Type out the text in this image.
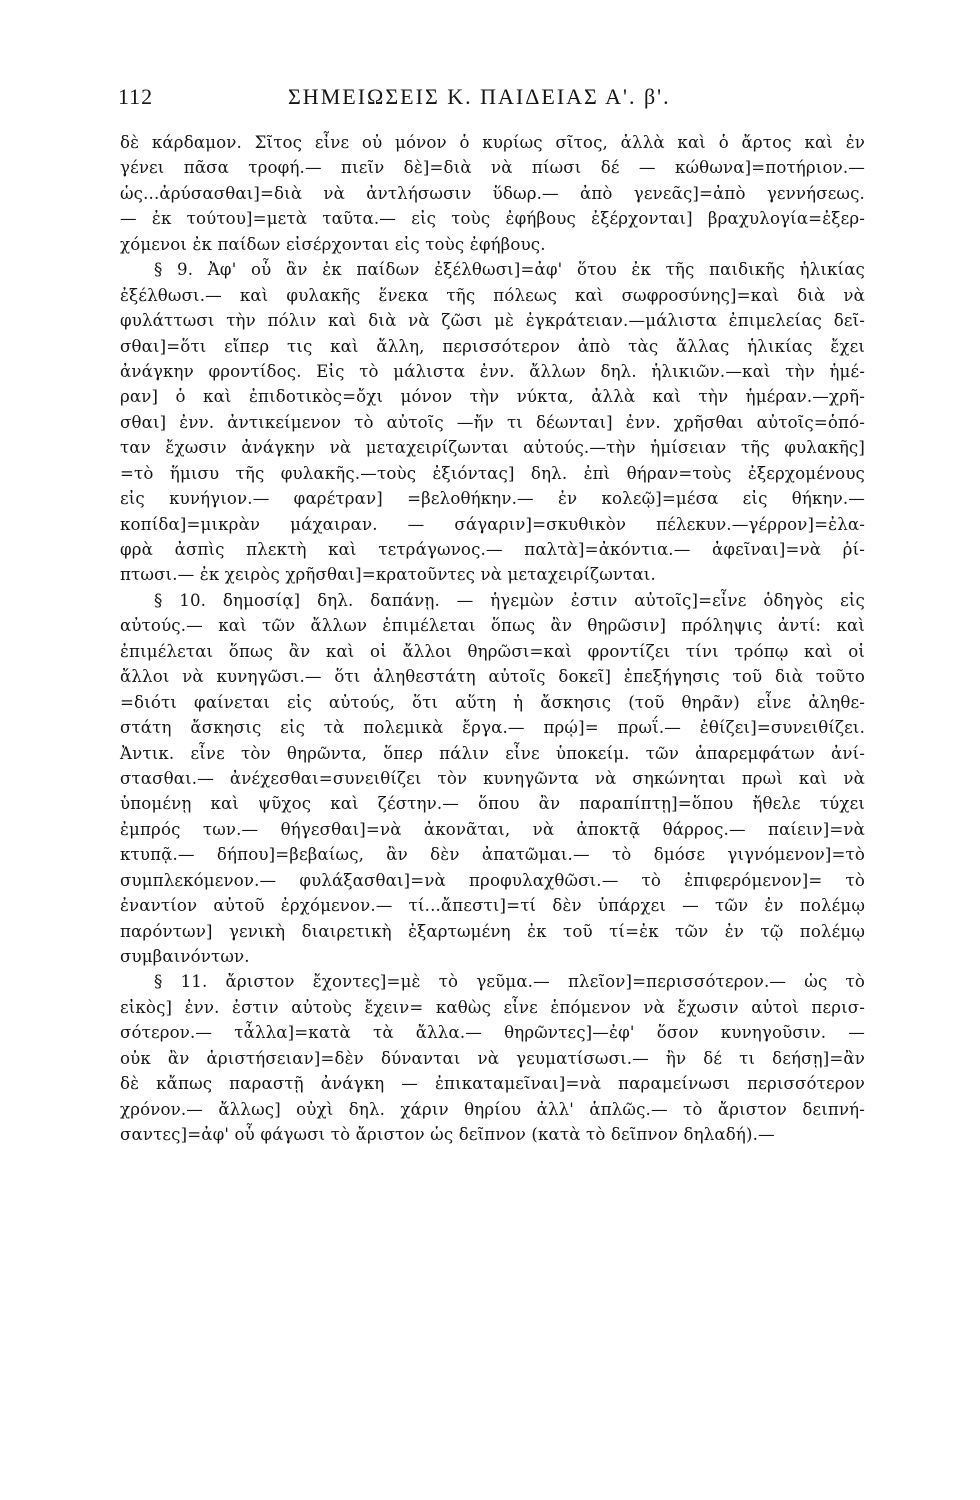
112	ΣΗΜΕΙΩΣΕΙΣ Κ. ΠΑΙΔΕΙΑΣ Α'. β'.
δὲ κάρδαμον. Σῖτος εἶνε οὐ μόνον ὁ κυρίως σῖτος, ἀλλὰ καὶ ὁ ἄρτος καὶ ἐν
γένει πᾶσα τροφή.— πιεῖν δὲ]=διὰ νὰ πίωσι δέ — κώθωνα]=ποτήριον.—
ὡς...ἀρύσασθαι]=διὰ νὰ ἀντλήσωσιν ὕδωρ.— ἀπὸ γενεᾶς]=ἀπὸ γεννήσεως.
— ἐκ τούτου]=μετὰ ταῦτα.— εἰς τοὺς ἐφήβους ἐξέρχονται] βραχυλογία=ἐξερ-
χόμενοι ἐκ παίδων εἰσέρχονται εἰς τοὺς ἐφήβους.
§ 9. Ἀφ' οὗ ἂν ἐκ παίδων ἐξέλθωσι]=ἀφ' ὅτου ἐκ τῆς παιδικῆς ἡλικίας
ἐξέλθωσι.— καὶ φυλακῆς ἕνεκα τῆς πόλεως καὶ σωφροσύνης]=καὶ διὰ νὰ
φυλάττωσι τὴν πόλιν καὶ διὰ νὰ ζῶσι μὲ ἐγκράτειαν.—μάλιστα ἐπιμελείας δεῖ-
σθαι]=ὅτι εἴπερ τις καὶ ἄλλη, περισσότερον ἀπὸ τὰς ἄλλας ἡλικίας ἔχει
ἀνάγκην φροντίδος. Εἰς τὸ μάλιστα ἐνν. ἄλλων δηλ. ἡλικιῶν.—καὶ τὴν ἡμέ-
ραν] ὁ καὶ ἐπιδοτικὸς=ὄχι μόνον τὴν νύκτα, ἀλλὰ καὶ τὴν ἡμέραν.—χρῆ-
σθαι] ἐνν. ἀντικείμενον τὸ αὐτοῖς —ἤν τι δέωνται] ἐνν. χρῆσθαι αὐτοῖς=ὁπό-
ταν ἔχωσιν ἀνάγκην νὰ μεταχειρίζωνται αὐτούς.—τὴν ἡμίσειαν τῆς φυλακῆς]
=τὸ ἥμισυ τῆς φυλακῆς.—τοὺς ἐξιόντας] δηλ. ἐπὶ θήραν=τοὺς ἐξερχομένους
εἰς κυνήγιον.— φαρέτραν] =βελοθήκην.— ἐν κολεῷ]=μέσα εἰς θήκην.—
κοπίδα]=μικρὰν μάχαιραν. — σάγαριν]=σκυθικὸν πέλεκυν.—γέρρον]=ἐλα-
φρὰ ἀσπὶς πλεκτὴ καὶ τετράγωνος.— παλτὰ]=ἀκόντια.— ἀφεῖναι]=νὰ ῥί-
πτωσι.— ἐκ χειρὸς χρῆσθαι]=κρατοῦντες νὰ μεταχειρίζωνται.
§ 10. δημοσίᾳ] δηλ. δαπάνῃ. — ἡγεμὼν ἐστιν αὐτοῖς]=εἶνε ὁδηγὸς εἰς
αὐτούς.— καὶ τῶν ἄλλων ἐπιμέλεται ὅπως ἂν θηρῶσιν] πρόληψις ἀντί: καὶ
ἐπιμέλεται ὅπως ἂν καὶ οἱ ἄλλοι θηρῶσι=καὶ φροντίζει τίνι τρόπῳ καὶ οἱ
ἄλλοι νὰ κυνηγῶσι.— ὅτι ἀληθεστάτη αὐτοῖς δοκεῖ] ἐπεξήγησις τοῦ διὰ τοῦτο
=διότι φαίνεται εἰς αὐτούς, ὅτι αὕτη ἡ ἄσκησις (τοῦ θηρᾶν) εἶνε ἀληθε-
στάτη ἄσκησις εἰς τὰ πολεμικὰ ἔργα.— πρῴ]= πρωΐ.— ἐθίζει]=συνειθίζει.
Ἀντικ. εἶνε τὸν θηρῶντα, ὅπερ πάλιν εἶνε ὑποκείμ. τῶν ἀπαρεμφάτων ἀνί-
στασθαι.— ἀνέχεσθαι=συνειθίζει τὸν κυνηγῶντα νὰ σηκώνηται πρωὶ καὶ νὰ
ὑπομένῃ καὶ ψῦχος καὶ ζέστην.— ὅπου ἂν παραπίπτῃ]=ὅπου ἤθελε τύχει
ἐμπρός των.— θήγεσθαι]=νὰ ἀκονᾶται, νὰ ἀποκτᾷ θάρρος.— παίειν]=νὰ
κτυπᾷ.— δήπου]=βεβαίως, ἂν δὲν ἀπατῶμαι.— τὸ δμόσε γιγνόμενον]=τὸ
συμπλεκόμενον.— φυλάξασθαι]=νὰ προφυλαχθῶσι.— τὸ ἐπιφερόμενον]= τὸ
ἐναντίον αὐτοῦ ἐρχόμενον.— τί...ἄπεστι]=τί δὲν ὑπάρχει — τῶν ἐν πολέμῳ
παρόντων] γενικὴ διαιρετικὴ ἐξαρτωμένη ἐκ τοῦ τί=ἐκ τῶν ἐν τῷ πολέμῳ
συμβαινόντων.
§ 11. ἄριστον ἔχοντες]=μὲ τὸ γεῦμα.— πλεῖον]=περισσότερον.— ὡς τὸ
εἰκὸς] ἐνν. ἐστιν αὐτοὺς ἔχειν= καθὼς εἶνε ἑπόμενον νὰ ἔχωσιν αὐτοὶ περισ-
σότερον.— τἆλλα]=κατὰ τὰ ἄλλα.— θηρῶντες]—ἐφ' ὅσον κυνηγοῦσιν. —
οὐκ ἂν ἀριστήσειαν]=δὲν δύνανται νὰ γευματίσωσι.— ἢν δέ τι δεήσῃ]=ἂν
δὲ κἄπως παραστῇ ἀνάγκη — ἐπικαταμεῖναι]=νὰ παραμείνωσι περισσότερον
χρόνον.— ἄλλως] οὐχὶ δηλ. χάριν θηρίου ἀλλ' ἁπλῶς.— τὸ ἄριστον δειπνή-
σαντες]=ἀφ' οὗ φάγωσι τὸ ἄριστον ὡς δεῖπνον (κατὰ τὸ δεῖπνον δηλαδή).—
